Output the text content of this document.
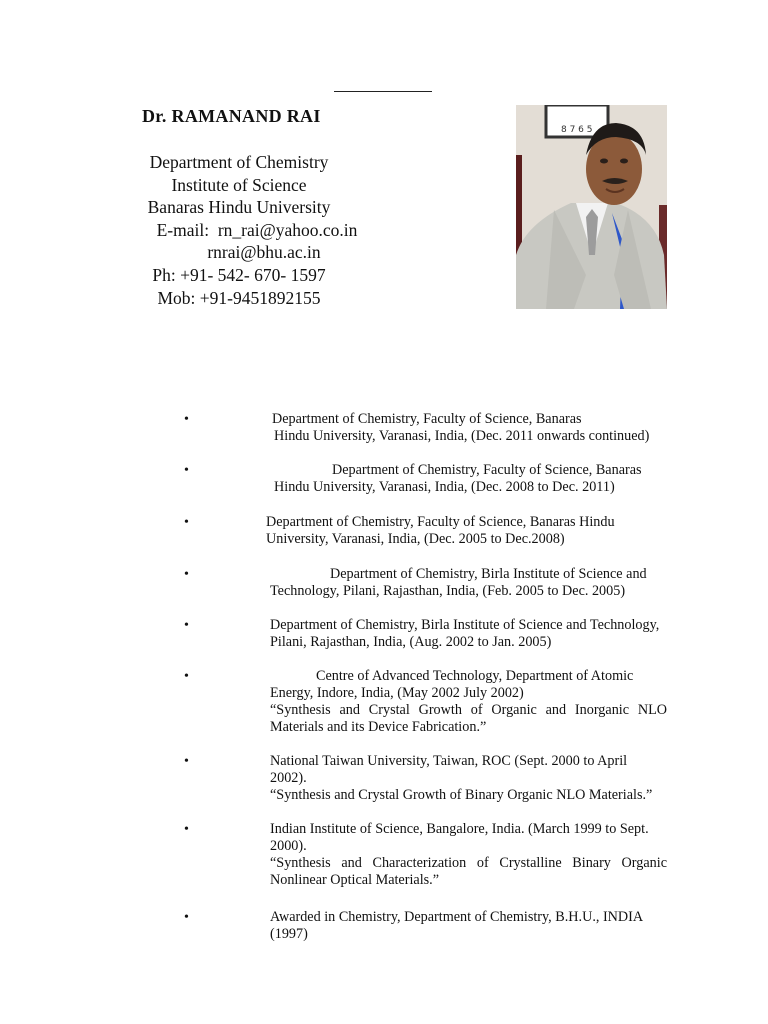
Dr. RAMANAND RAI
Department of Chemistry
Institute of Science
Banaras Hindu University
E-mail:  rn_rai@yahoo.co.in
rnrai@bhu.ac.in
Ph: +91- 542- 670- 1597
Mob: +91-9451892155
8 7 6 5
•	Department of Chemistry, Faculty of Science, Banaras
Hindu University, Varanasi, India, (Dec. 2011 onwards continued)
•	Department of Chemistry, Faculty of Science, Banaras
Hindu University, Varanasi, India, (Dec. 2008 to Dec. 2011)
•	Department of Chemistry, Faculty of Science, Banaras Hindu
University, Varanasi, India, (Dec. 2005 to Dec.2008)
•	Department of Chemistry, Birla Institute of Science and
Technology, Pilani, Rajasthan, India, (Feb. 2005 to Dec. 2005)
•	Department of Chemistry, Birla Institute of Science and Technology,
Pilani, Rajasthan, India, (Aug. 2002 to Jan. 2005)
•	Centre of Advanced Technology, Department of Atomic
Energy, Indore, India, (May 2002 July 2002)
“Synthesis and Crystal Growth of Organic and Inorganic NLO
Materials and its Device Fabrication.”
•	National Taiwan University, Taiwan, ROC (Sept. 2000 to April
2002).
“Synthesis and Crystal Growth of Binary Organic NLO Materials.”
•	Indian Institute of Science, Bangalore, India. (March 1999 to Sept.
2000).
“Synthesis and Characterization of Crystalline Binary Organic
Nonlinear Optical Materials.”
•	Awarded in Chemistry, Department of Chemistry, B.H.U., INDIA
(1997)
